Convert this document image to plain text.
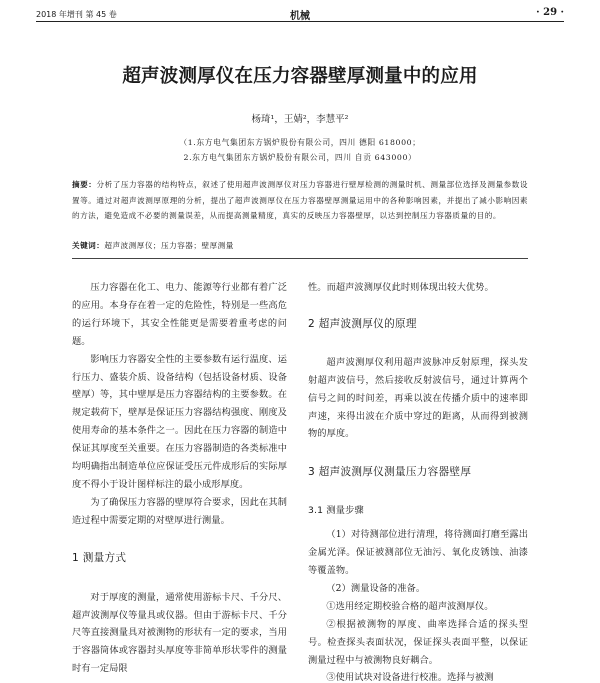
2018 年增刊 第 45 卷	机械	· 29 ·
超声波测厚仪在压力容器壁厚测量中的应用
杨琦¹，王婧²，李慧平²
（1.东方电气集团东方锅炉股份有限公司，四川 德阳 618000；
2.东方电气集团东方锅炉股份有限公司，四川 自贡 643000）
摘要：分析了压力容器的结构特点，叙述了使用超声波测厚仪对压力容器进行壁厚检测的测量时机、测量部位选择及测量参数设置等。通过对超声波测厚原理的分析，提出了超声波测厚仪在压力容器壁厚测量运用中的各种影响因素，并提出了减小影响因素的方法，避免造成不必要的测量误差，从而提高测量精度，真实的反映压力容器壁厚，以达到控制压力容器质量的目的。
关键词：超声波测厚仪；压力容器；壁厚测量

压力容器在化工、电力、能源等行业都有着广泛的应用。本身存在着一定的危险性，特别是一些高危的运行环境下，其安全性能更是需要着重考虑的问题。

影响压力容器安全性的主要参数有运行温度、运行压力、盛装介质、设备结构（包括设备材质、设备壁厚）等，其中壁厚是压力容器结构的主要参数。在规定载荷下，壁厚是保证压力容器结构强度、刚度及使用寿命的基本条件之一。因此在压力容器的制造中保证其厚度至关重要。在压力容器制造的各类标准中均明确指出制造单位应保证受压元件成形后的实际厚度不得小于设计图样标注的最小成形厚度。

为了确保压力容器的壁厚符合要求，因此在其制造过程中需要定期的对壁厚进行测量。

1 测量方式

对于厚度的测量，通常使用游标卡尺、千分尺、超声波测厚仪等量具或仪器。但由于游标卡尺、千分尺等直接测量具对被测物的形状有一定的要求，当用于容器筒体或容器封头厚度等非简单形状零件的测量时有一定局限

性。而超声波测厚仪此时则体现出较大优势。

2 超声波测厚仪的原理

超声波测厚仪利用超声波脉冲反射原理，探头发射超声波信号，然后接收反射波信号，通过计算两个信号之间的时间差，再乘以波在传播介质中的速率即声速，来得出波在介质中穿过的距离，从而得到被测物的厚度。

3 超声波测厚仪测量压力容器壁厚
3.1 测量步骤

（1）对待测部位进行清理，将待测面打磨至露出金属光泽。保证被测部位无油污、氧化皮锈蚀、油漆等覆盖物。

（2）测量设备的准备。

①选用经定期校验合格的超声波测厚仪。

②根据被测物的厚度、曲率选择合适的探头型号。检查探头表面状况，保证探头表面平整，以保证测量过程中与被测物良好耦合。

③使用试块对设备进行校准。选择与被测
